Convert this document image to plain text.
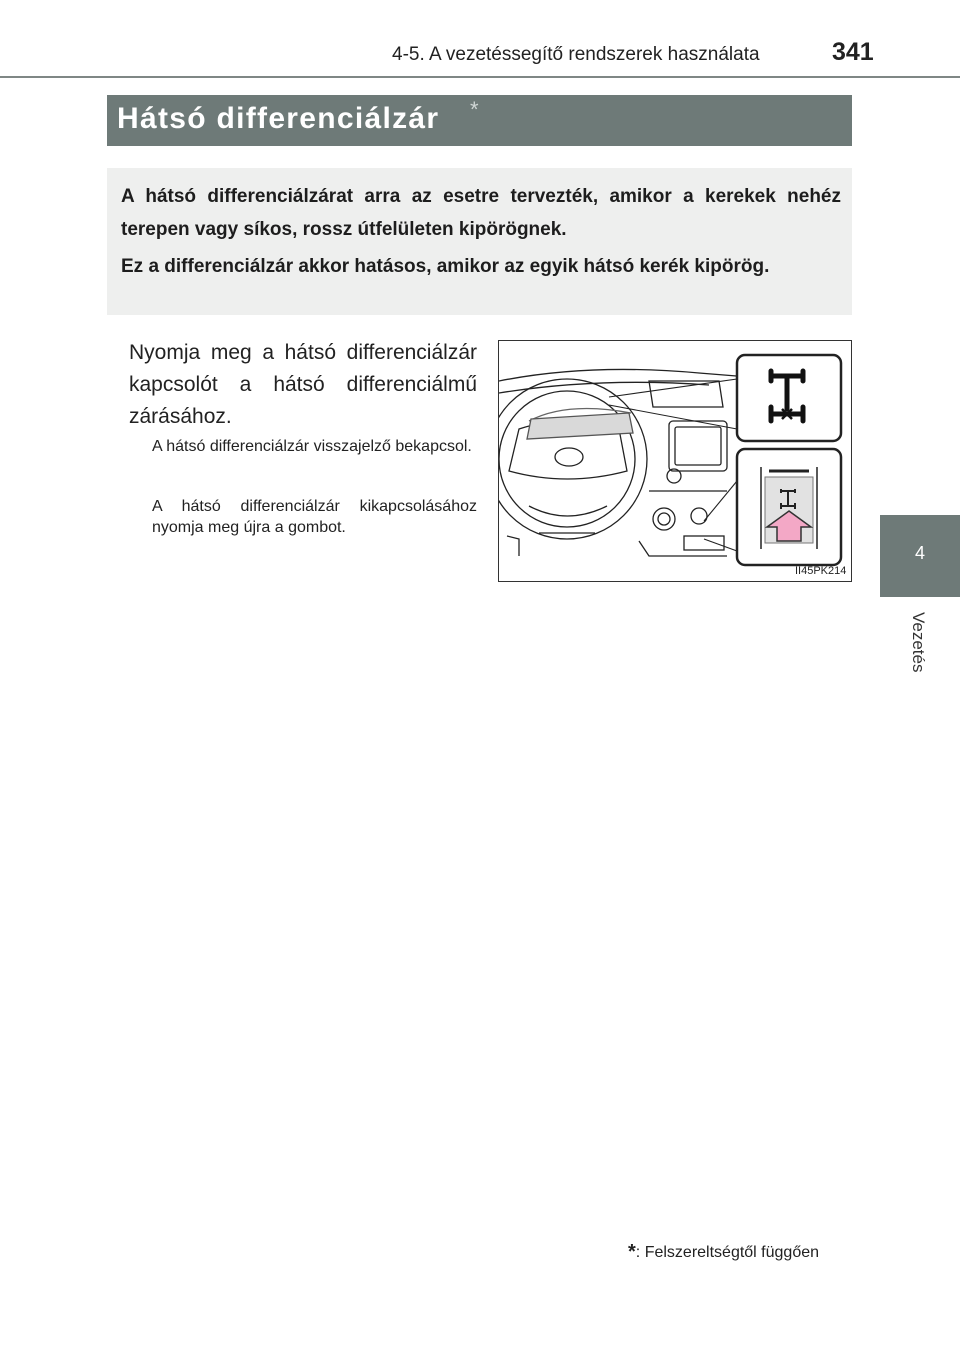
4-5. A vezetéssegítő rendszerek használata	341
4
Vezetés
Hátsó differenciálzár *

A hátsó differenciálzárat arra az esetre tervezték, amikor a kerekek nehéz terepen vagy síkos, rossz útfelületen kipörögnek.

Ez a differenciálzár akkor hatásos, amikor az egyik hátsó kerék kipörög.

Nyomja meg a hátsó differenciálzár kapcsolót a hátsó differenciálmű zárásához.

A hátsó differenciálzár visszajelző bekapcsol.

A hátsó differenciálzár kikapcsolásához nyomja meg újra a gombot.

II45PK214
*: Felszereltségtől függően
